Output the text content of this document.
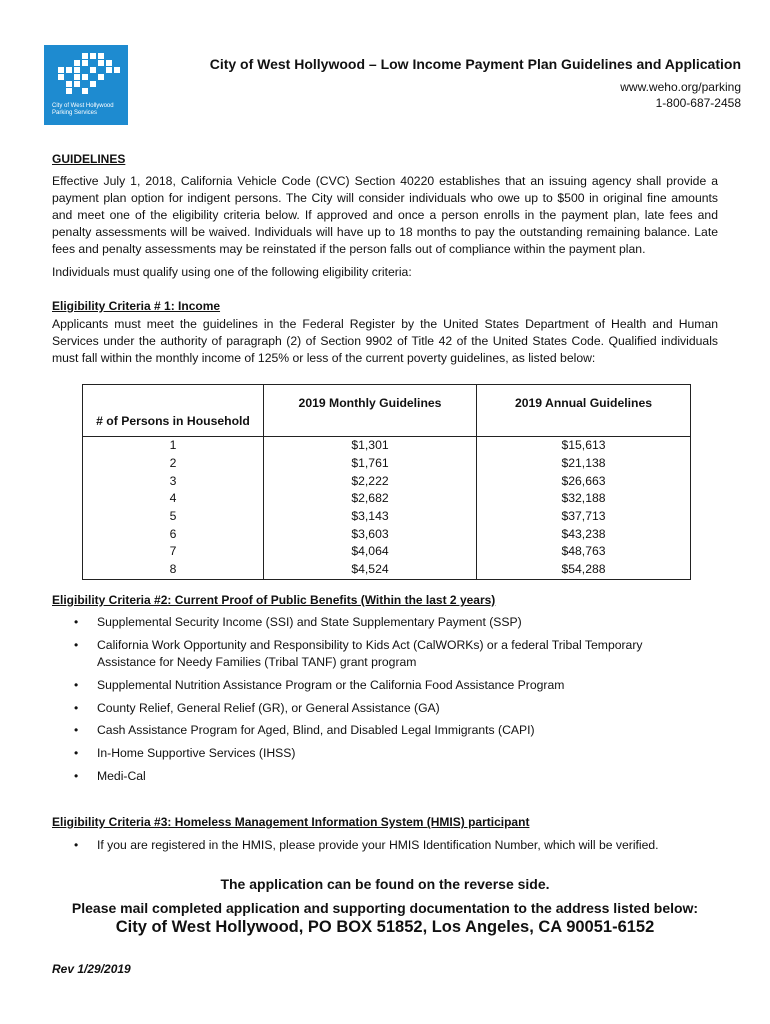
City of West Hollywood
Parking Services
City of West Hollywood – Low Income Payment Plan Guidelines and Application
www.weho.org/parking
1-800-687-2458
GUIDELINES

Effective July 1, 2018, California Vehicle Code (CVC) Section 40220 establishes that an issuing agency shall provide a payment plan option for indigent persons. The City will consider individuals who owe up to $500 in original fine amounts and meet one of the eligibility criteria below. If approved and once a person enrolls in the payment plan, late fees and penalty assessments will be waived. Individuals will have up to 18 months to pay the outstanding remaining balance. Late fees and penalty assessments may be reinstated if the person falls out of compliance within the payment plan.

Individuals must qualify using one of the following eligibility criteria:

Eligibility Criteria # 1: Income

Applicants must meet the guidelines in the Federal Register by the United States Department of Health and Human Services under the authority of paragraph (2) of Section 9902 of Title 42 of the United States Code. Qualified individuals must fall within the monthly income of 125% or less of the current poverty guidelines, as listed below:

# of Persons in Household	2019 Monthly Guidelines	2019 Annual Guidelines
1	$1,301	$15,613
2	$1,761	$21,138
3	$2,222	$26,663
4	$2,682	$32,188
5	$3,143	$37,713
6	$3,603	$43,238
7	$4,064	$48,763
8	$4,524	$54,288
Eligibility Criteria #2: Current Proof of Public Benefits (Within the last 2 years)
• Supplemental Security Income (SSI) and State Supplementary Payment (SSP)
• California Work Opportunity and Responsibility to Kids Act (CalWORKs) or a federal Tribal Temporary Assistance for Needy Families (Tribal TANF) grant program
• Supplemental Nutrition Assistance Program or the California Food Assistance Program
• County Relief, General Relief (GR), or General Assistance (GA)
• Cash Assistance Program for Aged, Blind, and Disabled Legal Immigrants (CAPI)
• In-Home Supportive Services (IHSS)
• Medi-Cal
Eligibility Criteria #3: Homeless Management Information System (HMIS) participant
• If you are registered in the HMIS, please provide your HMIS Identification Number, which will be verified.
The application can be found on the reverse side.
Please mail completed application and supporting documentation to the address listed below:
City of West Hollywood, PO BOX 51852, Los Angeles, CA 90051-6152
Rev 1/29/2019
